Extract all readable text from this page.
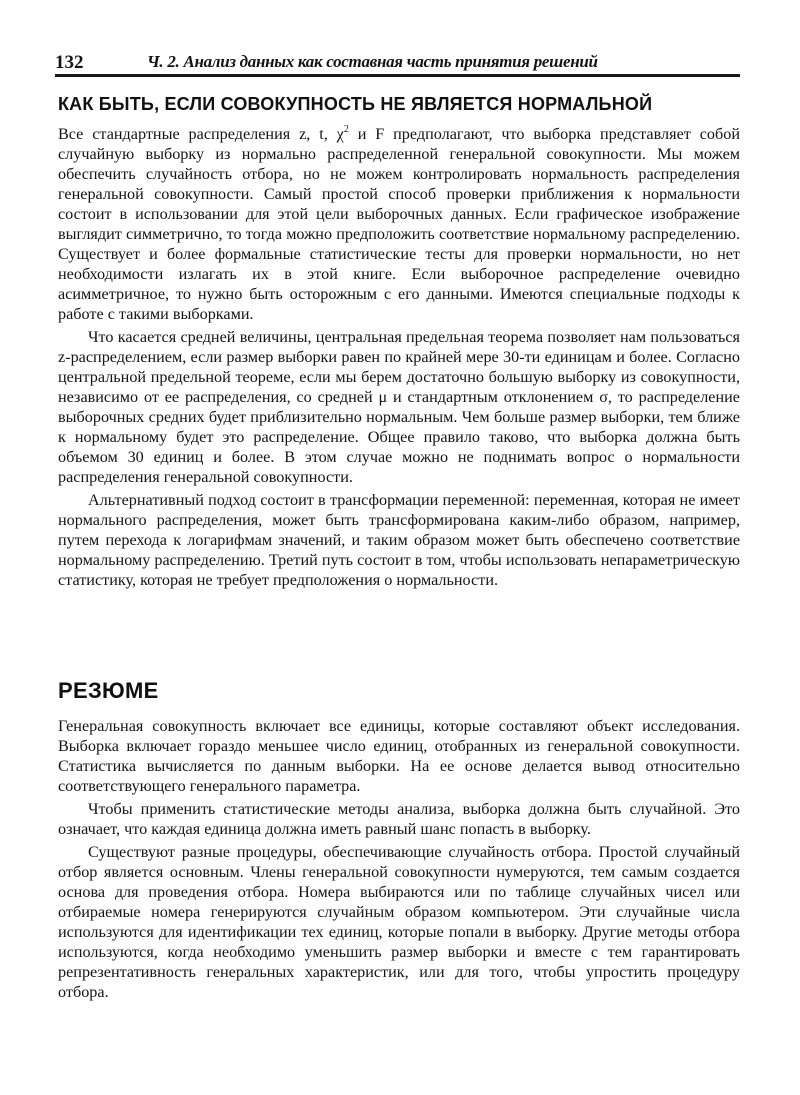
132	Ч. 2. Анализ данных как составная часть принятия решений
КАК БЫТЬ, ЕСЛИ СОВОКУПНОСТЬ НЕ ЯВЛЯЕТСЯ НОРМАЛЬНОЙ

Все стандартные распределения z, t, $\chi^2$ и F предполагают, что выборка представляет собой случайную выборку из нормально распределенной генеральной совокупности. Мы можем обеспечить случайность отбора, но не можем контролировать нормальность распределения генеральной совокупности. Самый простой способ проверки приближения к нормальности состоит в использовании для этой цели выборочных данных. Если графическое изображение выглядит симметрично, то тогда можно предположить соответствие нормальному распределению. Существует и более формальные статистические тесты для проверки нормальности, но нет необходимости излагать их в этой книге. Если выборочное распределение очевидно асимметричное, то нужно быть осторожным с его данными. Имеются специальные подходы к работе с такими выборками.

Что касается средней величины, центральная предельная теорема позволяет нам пользоваться z-распределением, если размер выборки равен по крайней мере 30-ти единицам и более. Согласно центральной предельной теореме, если мы берем достаточно большую выборку из совокупности, независимо от ее распределения, со средней μ и стандартным отклонением σ, то распределение выборочных средних будет приблизительно нормальным. Чем больше размер выборки, тем ближе к нормальному будет это распределение. Общее правило таково, что выборка должна быть объемом 30 единиц и более. В этом случае можно не поднимать вопрос о нормальности распределения генеральной совокупности.

Альтернативный подход состоит в трансформации переменной: переменная, которая не имеет нормального распределения, может быть трансформирована каким-либо образом, например, путем перехода к логарифмам значений, и таким образом может быть обеспечено соответствие нормальному распределению. Третий путь состоит в том, чтобы использовать непараметрическую статистику, которая не требует предположения о нормальности.

РЕЗЮМЕ

Генеральная совокупность включает все единицы, которые составляют объект исследования. Выборка включает гораздо меньшее число единиц, отобранных из генеральной совокупности. Статистика вычисляется по данным выборки. На ее основе делается вывод относительно соответствующего генерального параметра.

Чтобы применить статистические методы анализа, выборка должна быть случайной. Это означает, что каждая единица должна иметь равный шанс попасть в выборку.

Существуют разные процедуры, обеспечивающие случайность отбора. Простой случайный отбор является основным. Члены генеральной совокупности нумеруются, тем самым создается основа для проведения отбора. Номера выбираются или по таблице случайных чисел или отбираемые номера генерируются случайным образом компьютером. Эти случайные числа используются для идентификации тех единиц, которые попали в выборку. Другие методы отбора используются, когда необходимо уменьшить размер выборки и вместе с тем гарантировать репрезентативность генеральных характеристик, или для того, чтобы упростить процедуру отбора.
